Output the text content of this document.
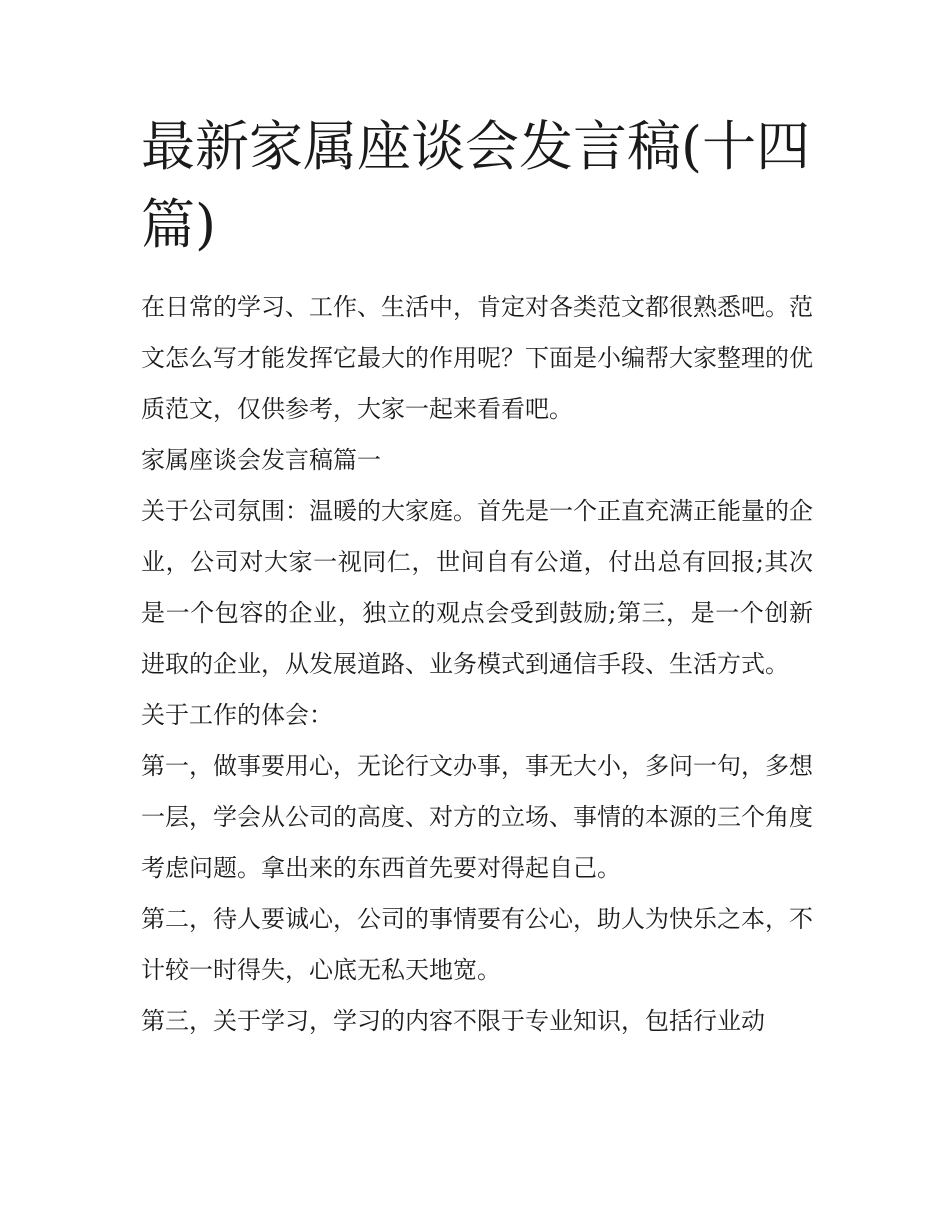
最新家属座谈会发言稿(十四篇)

在日常的学习、工作、生活中，肯定对各类范文都很熟悉吧。范文怎么写才能发挥它最大的作用呢？下面是小编帮大家整理的优质范文，仅供参考，大家一起来看看吧。

家属座谈会发言稿篇一

关于公司氛围：温暖的大家庭。首先是一个正直充满正能量的企业，公司对大家一视同仁，世间自有公道，付出总有回报;其次是一个包容的企业，独立的观点会受到鼓励;第三，是一个创新进取的企业，从发展道路、业务模式到通信手段、生活方式。

关于工作的体会：

第一，做事要用心，无论行文办事，事无大小，多问一句，多想一层，学会从公司的高度、对方的立场、事情的本源的三个角度考虑问题。拿出来的东西首先要对得起自己。

第二，待人要诚心，公司的事情要有公心，助人为快乐之本，不计较一时得失，心底无私天地宽。

第三，关于学习，学习的内容不限于专业知识，包括行业动
